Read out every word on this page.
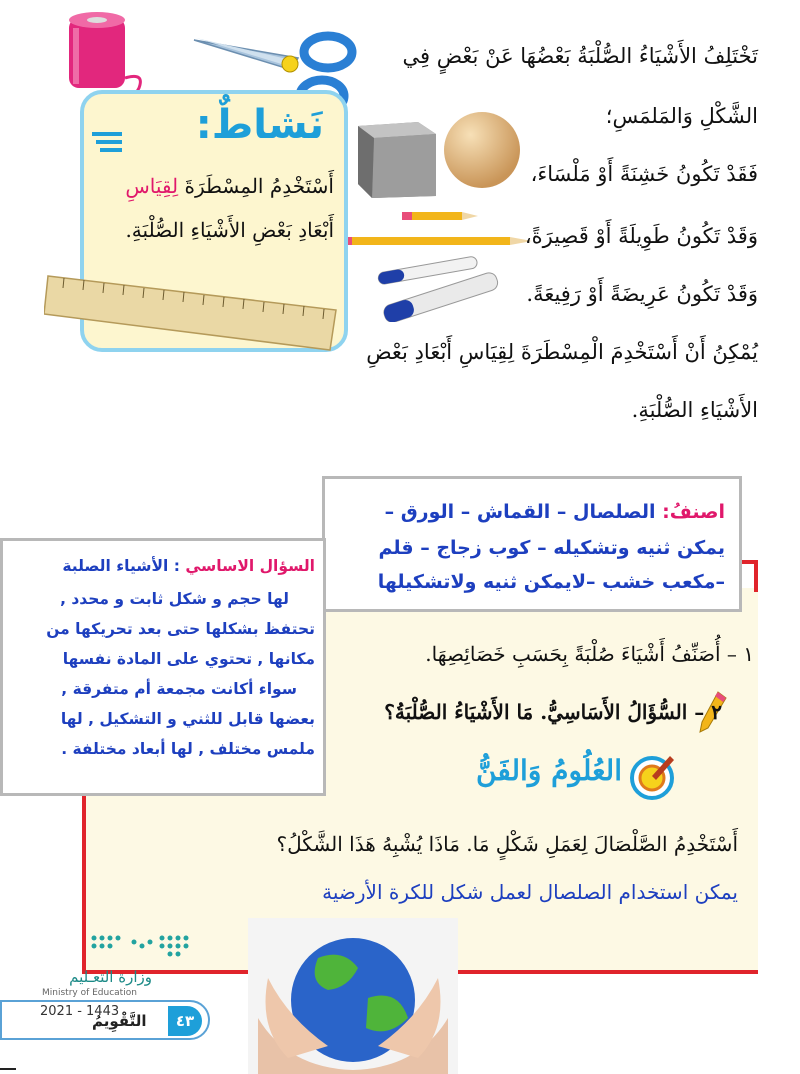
تَخْتَلِفُ الأَشْيَاءُ الصُّلْبَةُ بَعْضُهَا عَنْ بَعْضٍ فِي
الشَّكْلِ وَالمَلمَسِ؛
فَقَدْ تَكُونُ خَشِنَةً أَوْ مَلْسَاءَ،
وَقَدْ تَكُونُ طَوِيلَةً أَوْ قَصِيرَةً،
وَقَدْ تَكُونُ عَرِيضَةً أَوْ رَفِيعَةً.
يُمْكِنُ أَنْ أَسْتَخْدِمَ الْمِسْطَرَةَ لِقِيَاسِ أَبْعَادِ بَعْضِ
الأَشْيَاءِ الصُّلْبَةِ.
نَشاطٌ:
أَسْتَخْدِمُ المِسْطَرَةَ لِقِيَاسِ
أَبْعَادِ بَعْضِ الأَشْيَاءِ الصُّلْبَةِ.
اصنفُ: الصلصال – القماش – الورق –
يمكن ثنيه وتشكيله – كوب زجاج – قلم
–مكعب خشب –لايمكن ثنيه ولاتشكيلها
السؤال الاساسي : الأشياء الصلبة
لها حجم و شكل ثابت و محدد ,
تحتفظ بشكلها حتى بعد تحريكها من
مكانها , تحتوي على المادة نفسها
سواء أكانت مجمعة أم متفرقة ,
بعضها قابل للثني و التشكيل , لها
ملمس مختلف , لها أبعاد مختلفة .
١ – أُصَنِّفُ أَشْيَاءَ صُلْبَةً بِحَسَبِ خَصَائِصِهَا.
٢ – السُّؤَالُ الأَسَاسِيُّ. مَا الأَشْيَاءُ الصُّلْبَةُ؟
العُلُومُ وَالفَنُّ
أَسْتَخْدِمُ الصَّلْصَالَ لِعَمَلِ شَكْلٍ مَا. مَاذَا يُشْبِهُ هَذَا الشَّكْلُ؟
يمكن استخدام الصلصال لعمل شكل للكرة الأرضية
وزارة التعـليم
Ministry of Education
2021 - 1443
التَّقْوِيمُ	٤٣
